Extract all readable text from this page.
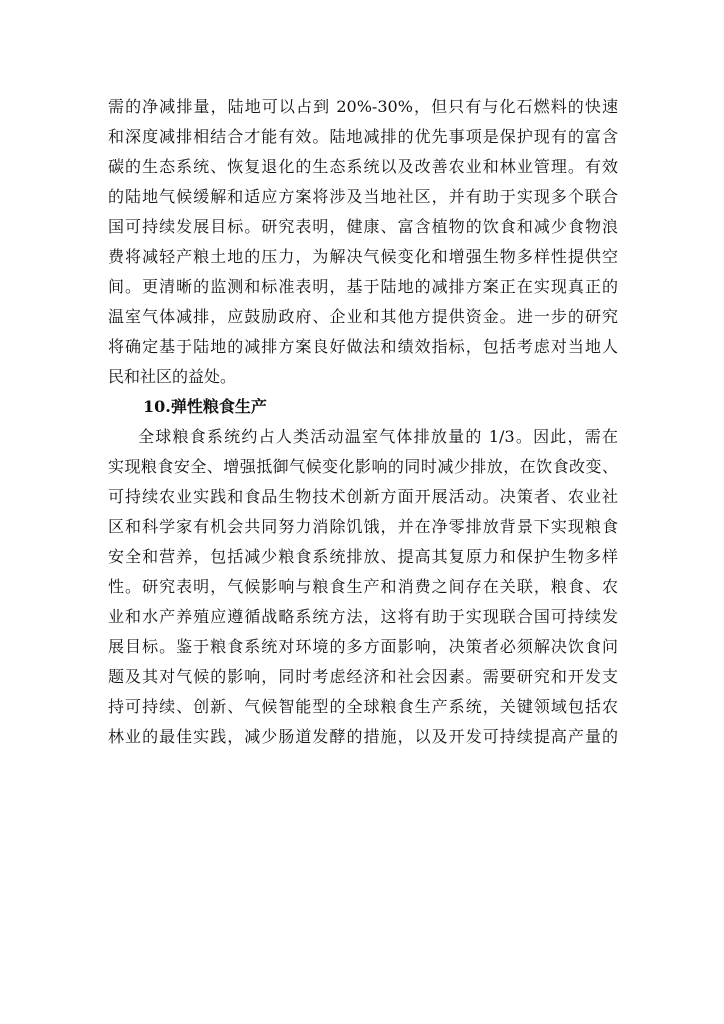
需的净减排量，陆地可以占到 20%-30%，但只有与化石燃料的快速
和深度减排相结合才能有效。陆地减排的优先事项是保护现有的富含
碳的生态系统、恢复退化的生态系统以及改善农业和林业管理。有效
的陆地气候缓解和适应方案将涉及当地社区，并有助于实现多个联合
国可持续发展目标。研究表明，健康、富含植物的饮食和减少食物浪
费将减轻产粮土地的压力，为解决气候变化和增强生物多样性提供空
间。更清晰的监测和标准表明，基于陆地的减排方案正在实现真正的
温室气体减排，应鼓励政府、企业和其他方提供资金。进一步的研究
将确定基于陆地的减排方案良好做法和绩效指标，包括考虑对当地人
民和社区的益处。
10.弹性粮食生产
全球粮食系统约占人类活动温室气体排放量的 1/3。因此，需在
实现粮食安全、增强抵御气候变化影响的同时减少排放，在饮食改变、
可持续农业实践和食品生物技术创新方面开展活动。决策者、农业社
区和科学家有机会共同努力消除饥饿，并在净零排放背景下实现粮食
安全和营养，包括减少粮食系统排放、提高其复原力和保护生物多样
性。研究表明，气候影响与粮食生产和消费之间存在关联，粮食、农
业和水产养殖应遵循战略系统方法，这将有助于实现联合国可持续发
展目标。鉴于粮食系统对环境的多方面影响，决策者必须解决饮食问
题及其对气候的影响，同时考虑经济和社会因素。需要研究和开发支
持可持续、创新、气候智能型的全球粮食生产系统，关键领域包括农
林业的最佳实践，减少肠道发酵的措施，以及开发可持续提高产量的
